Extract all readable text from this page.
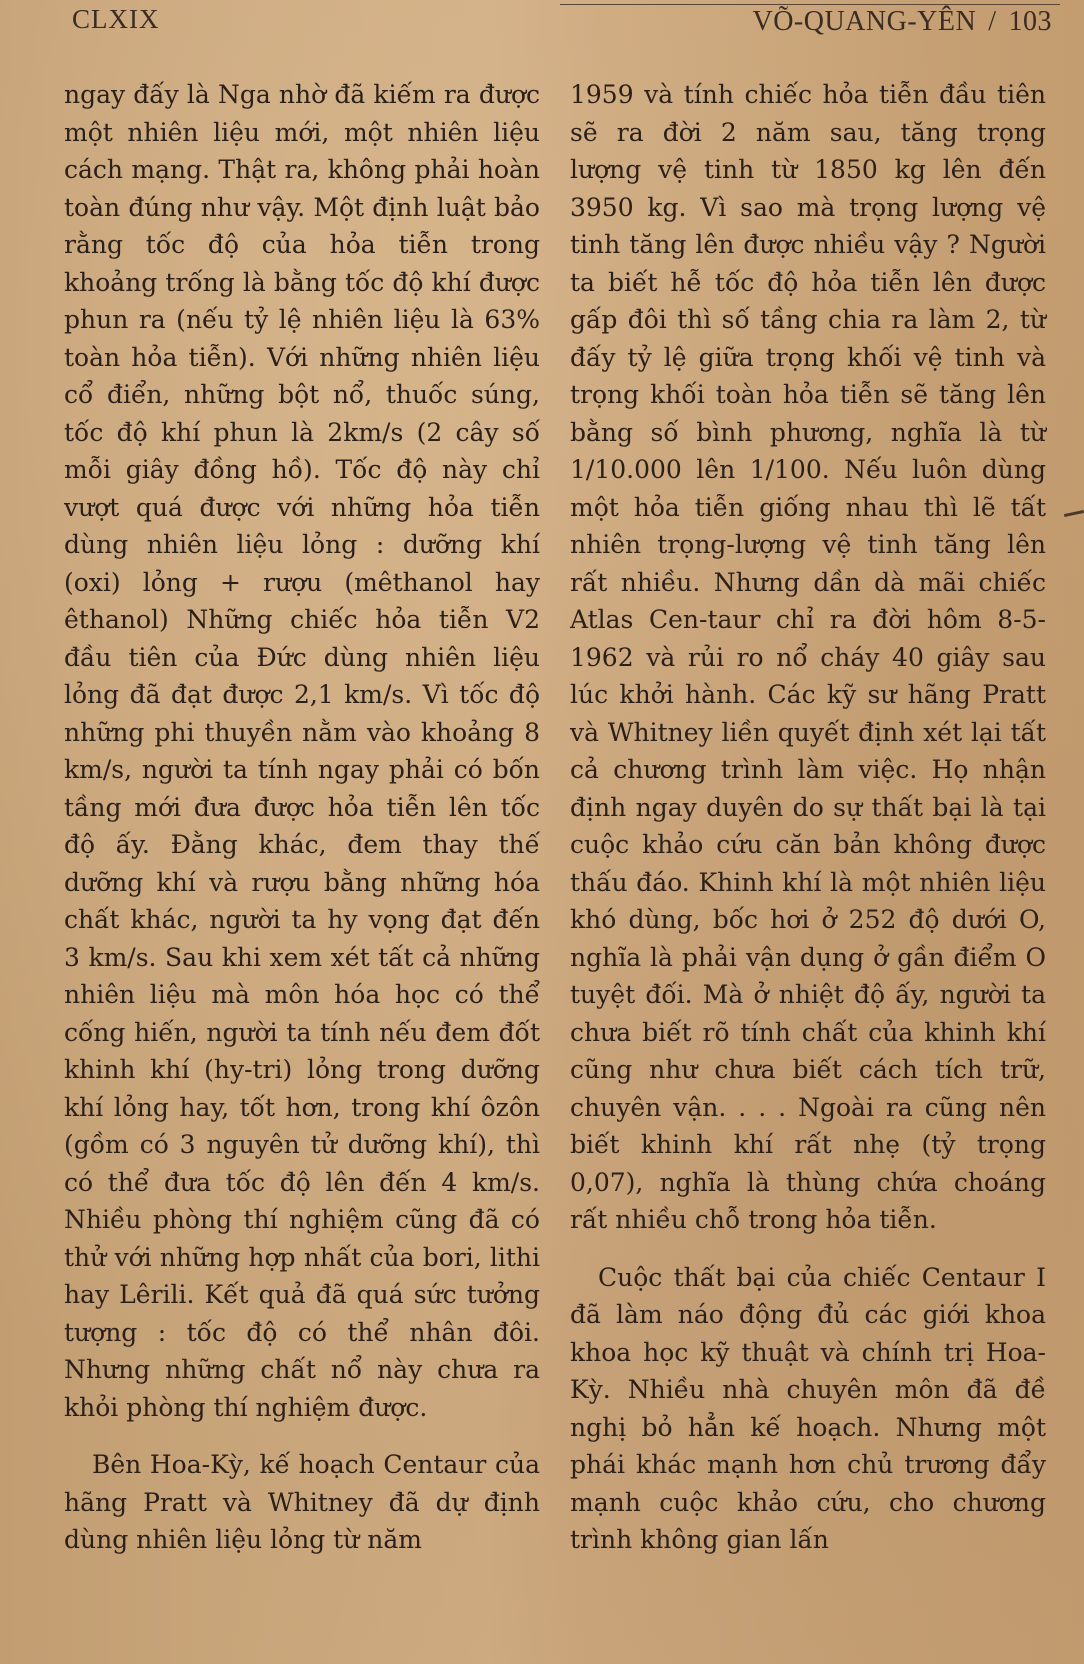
CLXIX	VÕ-QUANG-YÊN / 103

ngay đấy là Nga nhờ đã kiếm ra được một nhiên liệu mới, một nhiên liệu cách mạng. Thật ra, không phải hoàn toàn đúng như vậy. Một định luật bảo rằng tốc độ của hỏa tiễn trong khoảng trống là bằng tốc độ khí được phun ra (nếu tỷ lệ nhiên liệu là 63% toàn hỏa tiễn). Với những nhiên liệu cổ điển, những bột nổ, thuốc súng, tốc độ khí phun là 2km/s (2 cây số mỗi giây đồng hồ). Tốc độ này chỉ vượt quá được với những hỏa tiễn dùng nhiên liệu lỏng : dưỡng khí (oxi) lỏng + rượu (mêthanol hay êthanol) Những chiếc hỏa tiễn V2 đầu tiên của Đức dùng nhiên liệu lỏng đã đạt được 2,1 km/s. Vì tốc độ những phi thuyền nằm vào khoảng 8 km/s, người ta tính ngay phải có bốn tầng mới đưa được hỏa tiễn lên tốc độ ấy. Đằng khác, đem thay thế dưỡng khí và rượu bằng những hóa chất khác, người ta hy vọng đạt đến 3 km/s. Sau khi xem xét tất cả những nhiên liệu mà môn hóa học có thể cống hiến, người ta tính nếu đem đốt khinh khí (hy-tri) lỏng trong dưỡng khí lỏng hay, tốt hơn, trong khí ôzôn (gồm có 3 nguyên tử dưỡng khí), thì có thể đưa tốc độ lên đến 4 km/s. Nhiều phòng thí nghiệm cũng đã có thử với những hợp nhất của bori, lithi hay Lêrili. Kết quả đã quá sức tưởng tượng : tốc độ có thể nhân đôi. Nhưng những chất nổ này chưa ra khỏi phòng thí nghiệm được.

Bên Hoa-Kỳ, kế hoạch Centaur của hãng Pratt và Whitney đã dự định dùng nhiên liệu lỏng từ năm

1959 và tính chiếc hỏa tiễn đầu tiên sẽ ra đời 2 năm sau, tăng trọng lượng vệ tinh từ 1850 kg lên đến 3950 kg. Vì sao mà trọng lượng vệ tinh tăng lên được nhiều vậy ? Người ta biết hễ tốc độ hỏa tiễn lên được gấp đôi thì số tầng chia ra làm 2, từ đấy tỷ lệ giữa trọng khối vệ tinh và trọng khối toàn hỏa tiễn sẽ tăng lên bằng số bình phương, nghĩa là từ 1/10.000 lên 1/100. Nếu luôn dùng một hỏa tiễn giống nhau thì lẽ tất nhiên trọng-lượng vệ tinh tăng lên rất nhiều. Nhưng dần dà mãi chiếc Atlas Cen-taur chỉ ra đời hôm 8-5-1962 và rủi ro nổ cháy 40 giây sau lúc khởi hành. Các kỹ sư hãng Pratt và Whitney liền quyết định xét lại tất cả chương trình làm việc. Họ nhận định ngay duyên do sự thất bại là tại cuộc khảo cứu căn bản không được thấu đáo. Khinh khí là một nhiên liệu khó dùng, bốc hơi ở 252 độ dưới O, nghĩa là phải vận dụng ở gần điểm O tuyệt đối. Mà ở nhiệt độ ấy, người ta chưa biết rõ tính chất của khinh khí cũng như chưa biết cách tích trữ, chuyên vận. . . . Ngoài ra cũng nên biết khinh khí rất nhẹ (tỷ trọng 0,07), nghĩa là thùng chứa choáng rất nhiều chỗ trong hỏa tiễn.

Cuộc thất bại của chiếc Centaur I đã làm náo động đủ các giới khoa khoa học kỹ thuật và chính trị Hoa-Kỳ. Nhiều nhà chuyên môn đã đề nghị bỏ hẳn kế hoạch. Nhưng một phái khác mạnh hơn chủ trương đẩy mạnh cuộc khảo cứu, cho chương trình không gian lấn
